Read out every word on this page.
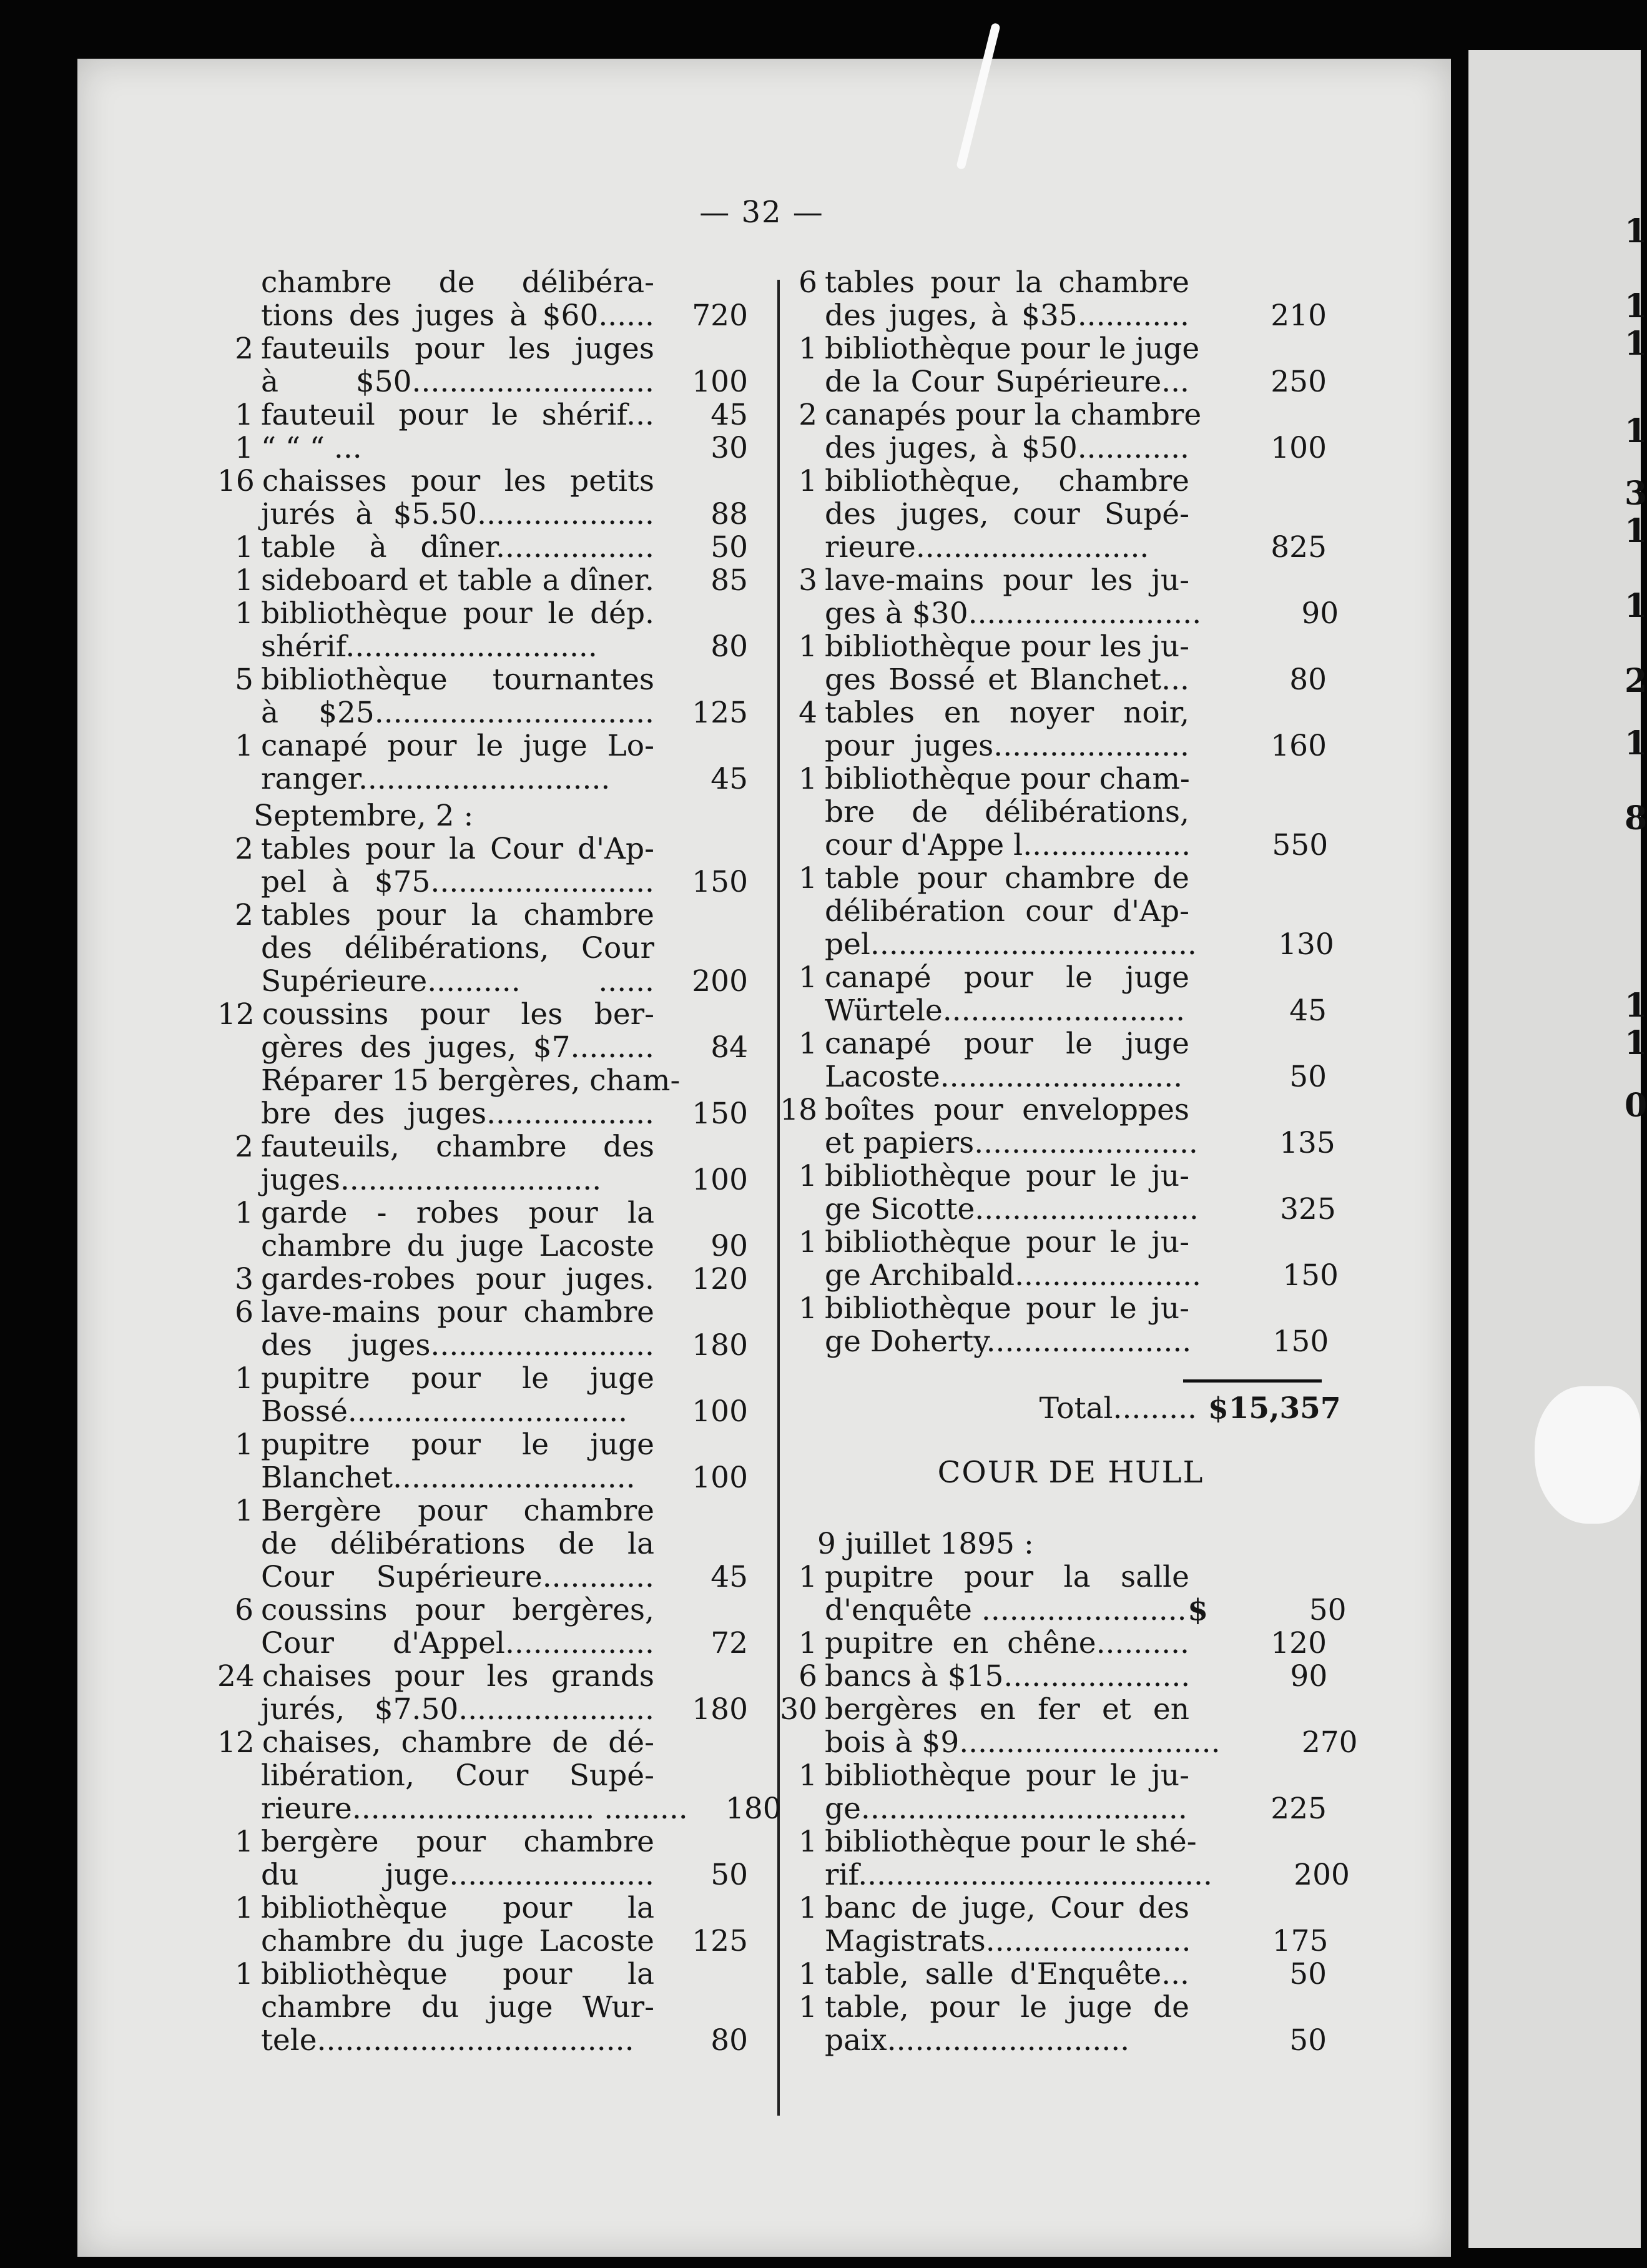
1
1
1
1
3
1
1
2
1
8
1
1
0
— 32 —
chambre de délibéra-
tions des juges à $60......	720
2 fauteuils pour les juges
à $50..........................	100
1 fauteuil pour le shérif...	45
1 “ “ “ ...	30
16 chaisses pour les petits
jurés à $5.50...................	88
1 table à dîner.................	50
1 sideboard et table a dîner.	85
1 bibliothèque pour le dép.
shérif...........................	80
5 bibliothèque tournantes
à $25..............................	125
1 canapé pour le juge Lo-
ranger...........................	45
Septembre, 2 :
2 tables pour la Cour d'Ap-
pel à $75........................	150
2 tables pour la chambre
des délibérations, Cour
Supérieure.......... ......	200
12 coussins pour les ber-
gères des juges, $7.........	84
Réparer 15 bergères, cham-
bre des juges..................	150
2 fauteuils, chambre des
juges............................	100
1 garde - robes pour la
chambre du juge Lacoste	90
3 gardes-robes pour juges.	120
6 lave-mains pour chambre
des juges........................	180
1 pupitre pour le juge
Bossé..............................	100
1 pupitre pour le juge
Blanchet..........................	100
1 Bergère pour chambre
de délibérations de la
Cour Supérieure............	45
6 coussins pour bergères,
Cour d'Appel................	72
24 chaises pour les grands
jurés, $7.50.....................	180
12 chaises, chambre de dé-
libération, Cour Supé-
rieure.......................... .........	180
1 bergère pour chambre
du juge......................	50
1 bibliothèque pour la
chambre du juge Lacoste	125
1 bibliothèque pour la
chambre du juge Wur-
tele..................................	80
6 tables pour la chambre
des juges, à $35............	210
1 bibliothèque pour le juge
de la Cour Supérieure...	250
2 canapés pour la chambre
des juges, à $50............	100
1 bibliothèque, chambre
des juges, cour Supé-
rieure.........................	825
3 lave-mains pour les ju-
ges à $30.........................	90
1 bibliothèque pour les ju-
ges Bossé et Blanchet...	80
4 tables en noyer noir,
pour juges.....................	160
1 bibliothèque pour cham-
bre de délibérations,
cour d'Appe l..................	550
1 table pour chambre de
délibération cour d'Ap-
pel...................................	130
1 canapé pour le juge
Würtele..........................	45
1 canapé pour le juge
Lacoste..........................	50
18 boîtes pour enveloppes
et papiers........................	135
1 bibliothèque pour le ju-
ge Sicotte........................	325
1 bibliothèque pour le ju-
ge Archibald....................	150
1 bibliothèque pour le ju-
ge Doherty......................	150
Total......... $15,357
COUR DE HULL
9 juillet 1895 :
1 pupitre pour la salle
d'enquête ...................... $	50
1 pupitre en chêne..........	120
6 bancs à $15....................	90
30 bergères en fer et en
bois à $9............................	270
1 bibliothèque pour le ju-
ge...................................	225
1 bibliothèque pour le shé-
rif......................................	200
1 banc de juge, Cour des
Magistrats......................	175
1 table, salle d'Enquête...	50
1 table, pour le juge de
paix..........................	50
